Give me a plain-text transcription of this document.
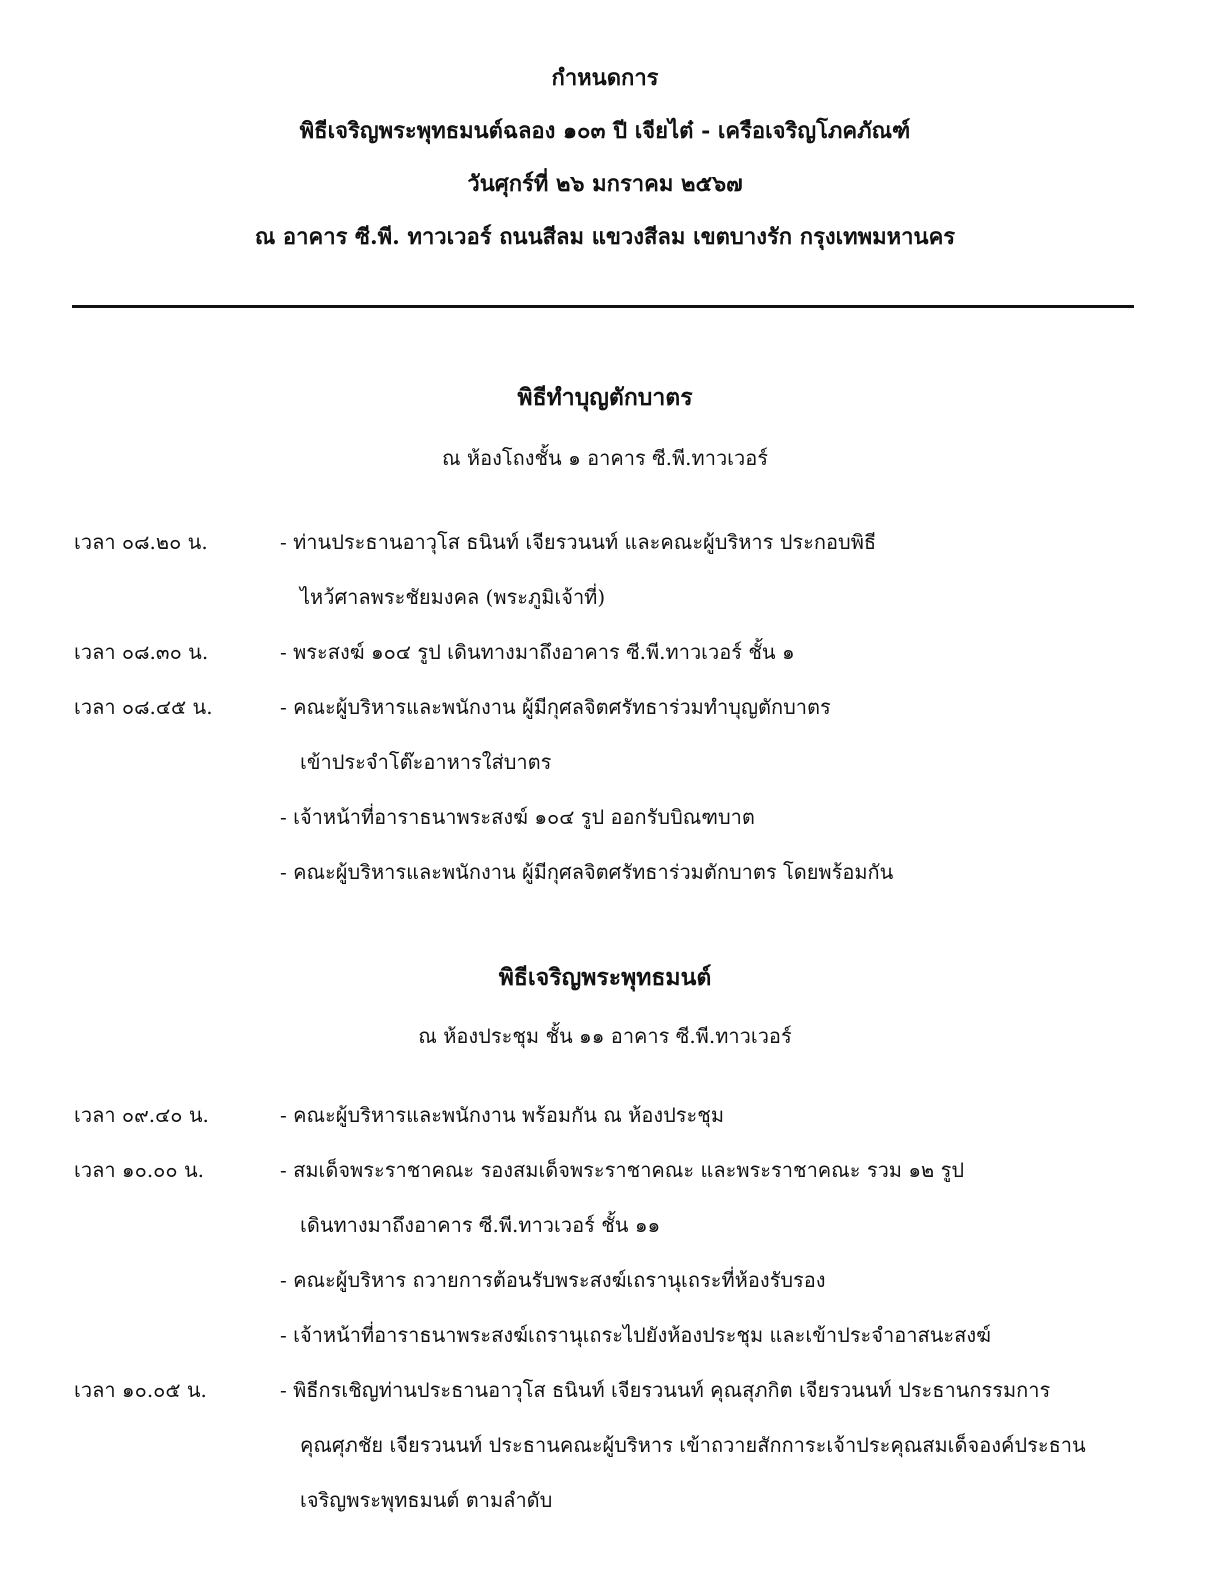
กำหนดการ
พิธีเจริญพระพุทธมนต์ฉลอง ๑๐๓ ปี เจียไต๋ - เครือเจริญโภคภัณฑ์
วันศุกร์ที่ ๒๖ มกราคม ๒๕๖๗
ณ อาคาร ซี.พี. ทาวเวอร์ ถนนสีลม แขวงสีลม เขตบางรัก กรุงเทพมหานคร
พิธีทำบุญตักบาตร
ณ ห้องโถงชั้น ๑ อาคาร ซี.พี.ทาวเวอร์
เวลา ๐๘.๒๐ น.	- ท่านประธานอาวุโส ธนินท์ เจียรวนนท์ และคณะผู้บริหาร ประกอบพิธี
ไหว้ศาลพระชัยมงคล (พระภูมิเจ้าที่)
เวลา ๐๘.๓๐ น.	- พระสงฆ์ ๑๐๔ รูป เดินทางมาถึงอาคาร ซี.พี.ทาวเวอร์ ชั้น ๑
เวลา ๐๘.๔๕ น.	- คณะผู้บริหารและพนักงาน ผู้มีกุศลจิตศรัทธาร่วมทำบุญตักบาตร
เข้าประจำโต๊ะอาหารใส่บาตร
- เจ้าหน้าที่อาราธนาพระสงฆ์ ๑๐๔ รูป ออกรับบิณฑบาต
- คณะผู้บริหารและพนักงาน ผู้มีกุศลจิตศรัทธาร่วมตักบาตร โดยพร้อมกัน
พิธีเจริญพระพุทธมนต์
ณ ห้องประชุม ชั้น ๑๑ อาคาร ซี.พี.ทาวเวอร์
เวลา ๐๙.๔๐ น.	- คณะผู้บริหารและพนักงาน พร้อมกัน ณ ห้องประชุม
เวลา ๑๐.๐๐ น.	- สมเด็จพระราชาคณะ รองสมเด็จพระราชาคณะ และพระราชาคณะ รวม ๑๒ รูป
เดินทางมาถึงอาคาร ซี.พี.ทาวเวอร์ ชั้น ๑๑
- คณะผู้บริหาร ถวายการต้อนรับพระสงฆ์เถรานุเถระที่ห้องรับรอง
- เจ้าหน้าที่อาราธนาพระสงฆ์เถรานุเถระไปยังห้องประชุม และเข้าประจำอาสนะสงฆ์
เวลา ๑๐.๐๕ น.	- พิธีกรเชิญท่านประธานอาวุโส ธนินท์ เจียรวนนท์ คุณสุภกิต เจียรวนนท์ ประธานกรรมการ
คุณศุภชัย เจียรวนนท์ ประธานคณะผู้บริหาร เข้าถวายสักการะเจ้าประคุณสมเด็จองค์ประธาน
เจริญพระพุทธมนต์ ตามลำดับ
